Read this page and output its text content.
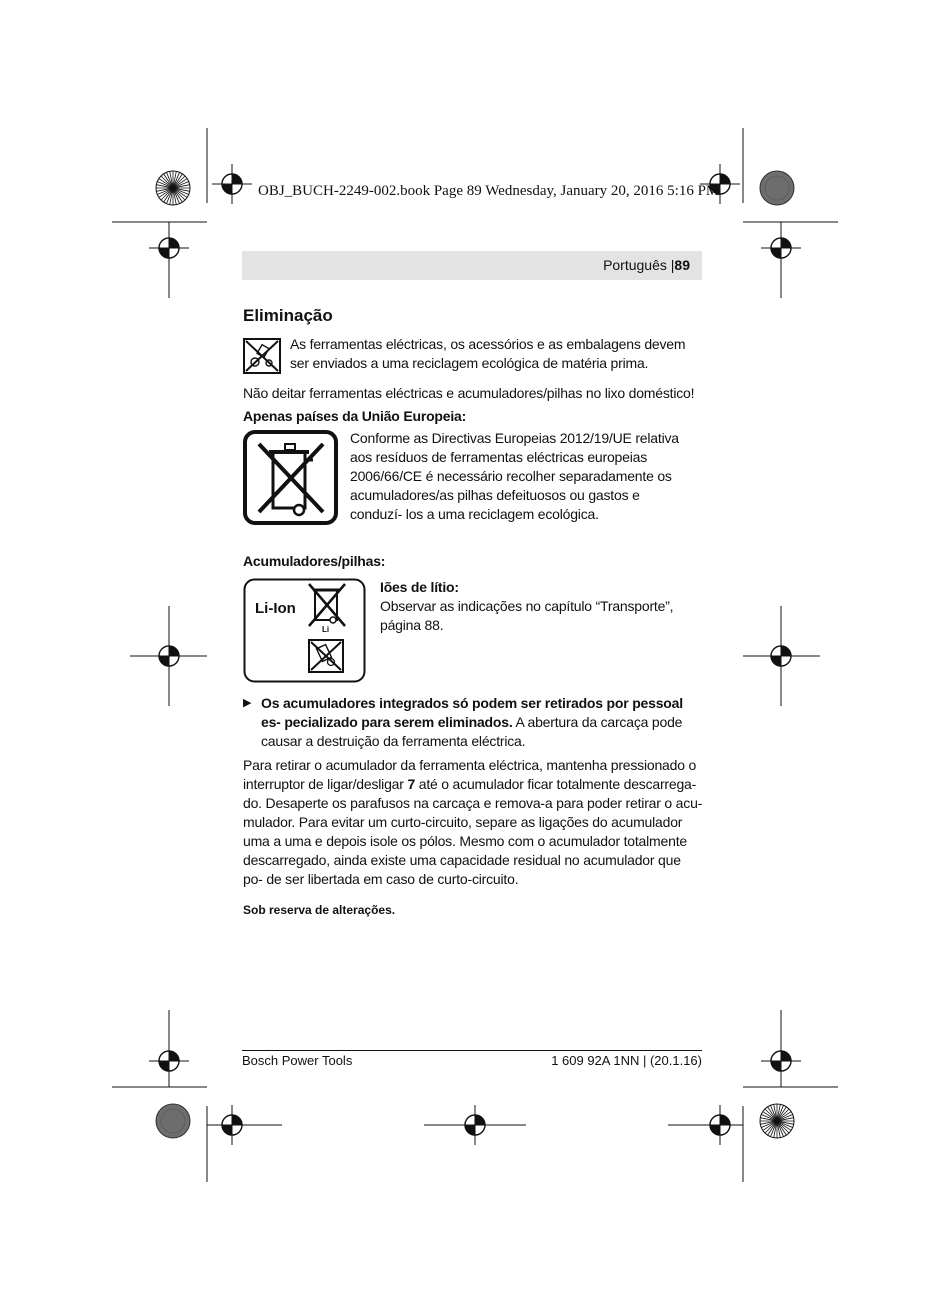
OBJ_BUCH-2249-002.book Page 89 Wednesday, January 20, 2016 5:16 PM
Português |89
Eliminação

As ferramentas eléctricas, os acessórios e as embalagens devem ser enviados a uma reciclagem ecológica de matéria prima.

Não deitar ferramentas eléctricas e acumuladores/pilhas no lixo doméstico!

Apenas países da União Europeia:

Conforme as Directivas Europeias 2012/19/UE relativa aos resíduos de ferramentas eléctricas europeias 2006/66/CE é necessário recolher separadamente os acumuladores/as pilhas defeituosos ou gastos e conduzí- los a uma reciclagem ecológica.

Acumuladores/pilhas:
Li-Ion
Li
Iões de lítio:

Observar as indicações no capítulo “Transporte”, página 88.

▶ Os acumuladores integrados só podem ser retirados por pessoal es- pecializado para serem eliminados. A abertura da carcaça pode causar a destruição da ferramenta eléctrica.

Para retirar o acumulador da ferramenta eléctrica, mantenha pressionado o interruptor de ligar/desligar 7 até o acumulador ficar totalmente descarrega- do. Desaperte os parafusos na carcaça e remova-a para poder retirar o acu- mulador. Para evitar um curto-circuito, separe as ligações do acumulador uma a uma e depois isole os pólos. Mesmo com o acumulador totalmente descarregado, ainda existe uma capacidade residual no acumulador que po- de ser libertada em caso de curto-circuito.

Sob reserva de alterações.
Bosch Power Tools	1 609 92A 1NN | (20.1.16)
